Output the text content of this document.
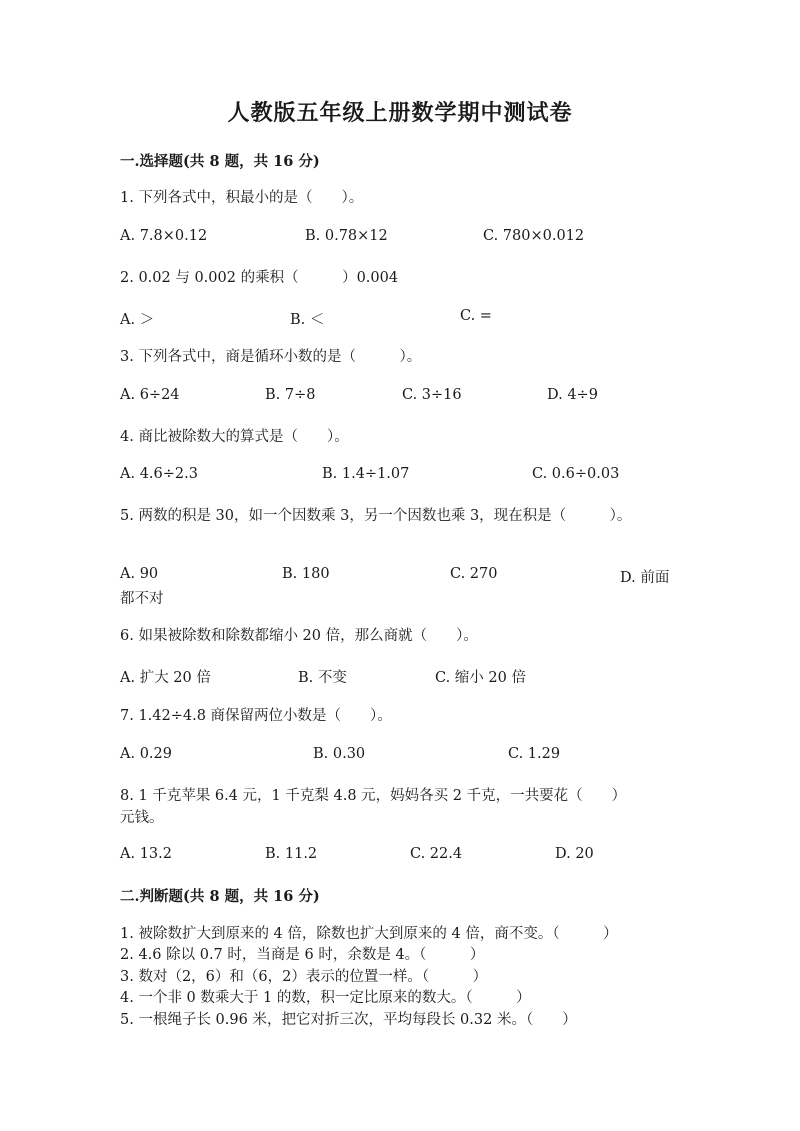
人教版五年级上册数学期中测试卷
一.选择题(共 8 题，共 16 分)
1. 下列各式中，积最小的是（　　）。
A. 7.8×0.12	B. 0.78×12	C. 780×0.012
2. 0.02 与 0.002 的乘积（　　　）0.004
A. ＞	B. ＜	C. =
3. 下列各式中，商是循环小数的是（　　　）。
A. 6÷24	B. 7÷8	C. 3÷16	D. 4÷9
4. 商比被除数大的算式是（　　）。
A. 4.6÷2.3	B. 1.4÷1.07	C. 0.6÷0.03
5. 两数的积是 30，如一个因数乘 3，另一个因数也乘 3，现在积是（　　　）。
A. 90	B. 180	C. 270	D. 前面
都不对
6. 如果被除数和除数都缩小 20 倍，那么商就（　　）。
A. 扩大 20 倍	B. 不变	C. 缩小 20 倍
7. 1.42÷4.8 商保留两位小数是（　　）。
A. 0.29	B. 0.30	C. 1.29
8. 1 千克苹果 6.4 元，1 千克梨 4.8 元，妈妈各买 2 千克，一共要花（　　）
元钱。
A. 13.2	B. 11.2	C. 22.4	D. 20
二.判断题(共 8 题，共 16 分)
1. 被除数扩大到原来的 4 倍，除数也扩大到原来的 4 倍，商不变。（　　　）
2. 4.6 除以 0.7 时，当商是 6 时，余数是 4。（　　　）
3. 数对（2，6）和（6，2）表示的位置一样。（　　　）
4. 一个非 0 数乘大于 1 的数，积一定比原来的数大。（　　　）
5. 一根绳子长 0.96 米，把它对折三次，平均每段长 0.32 米。（　　）
